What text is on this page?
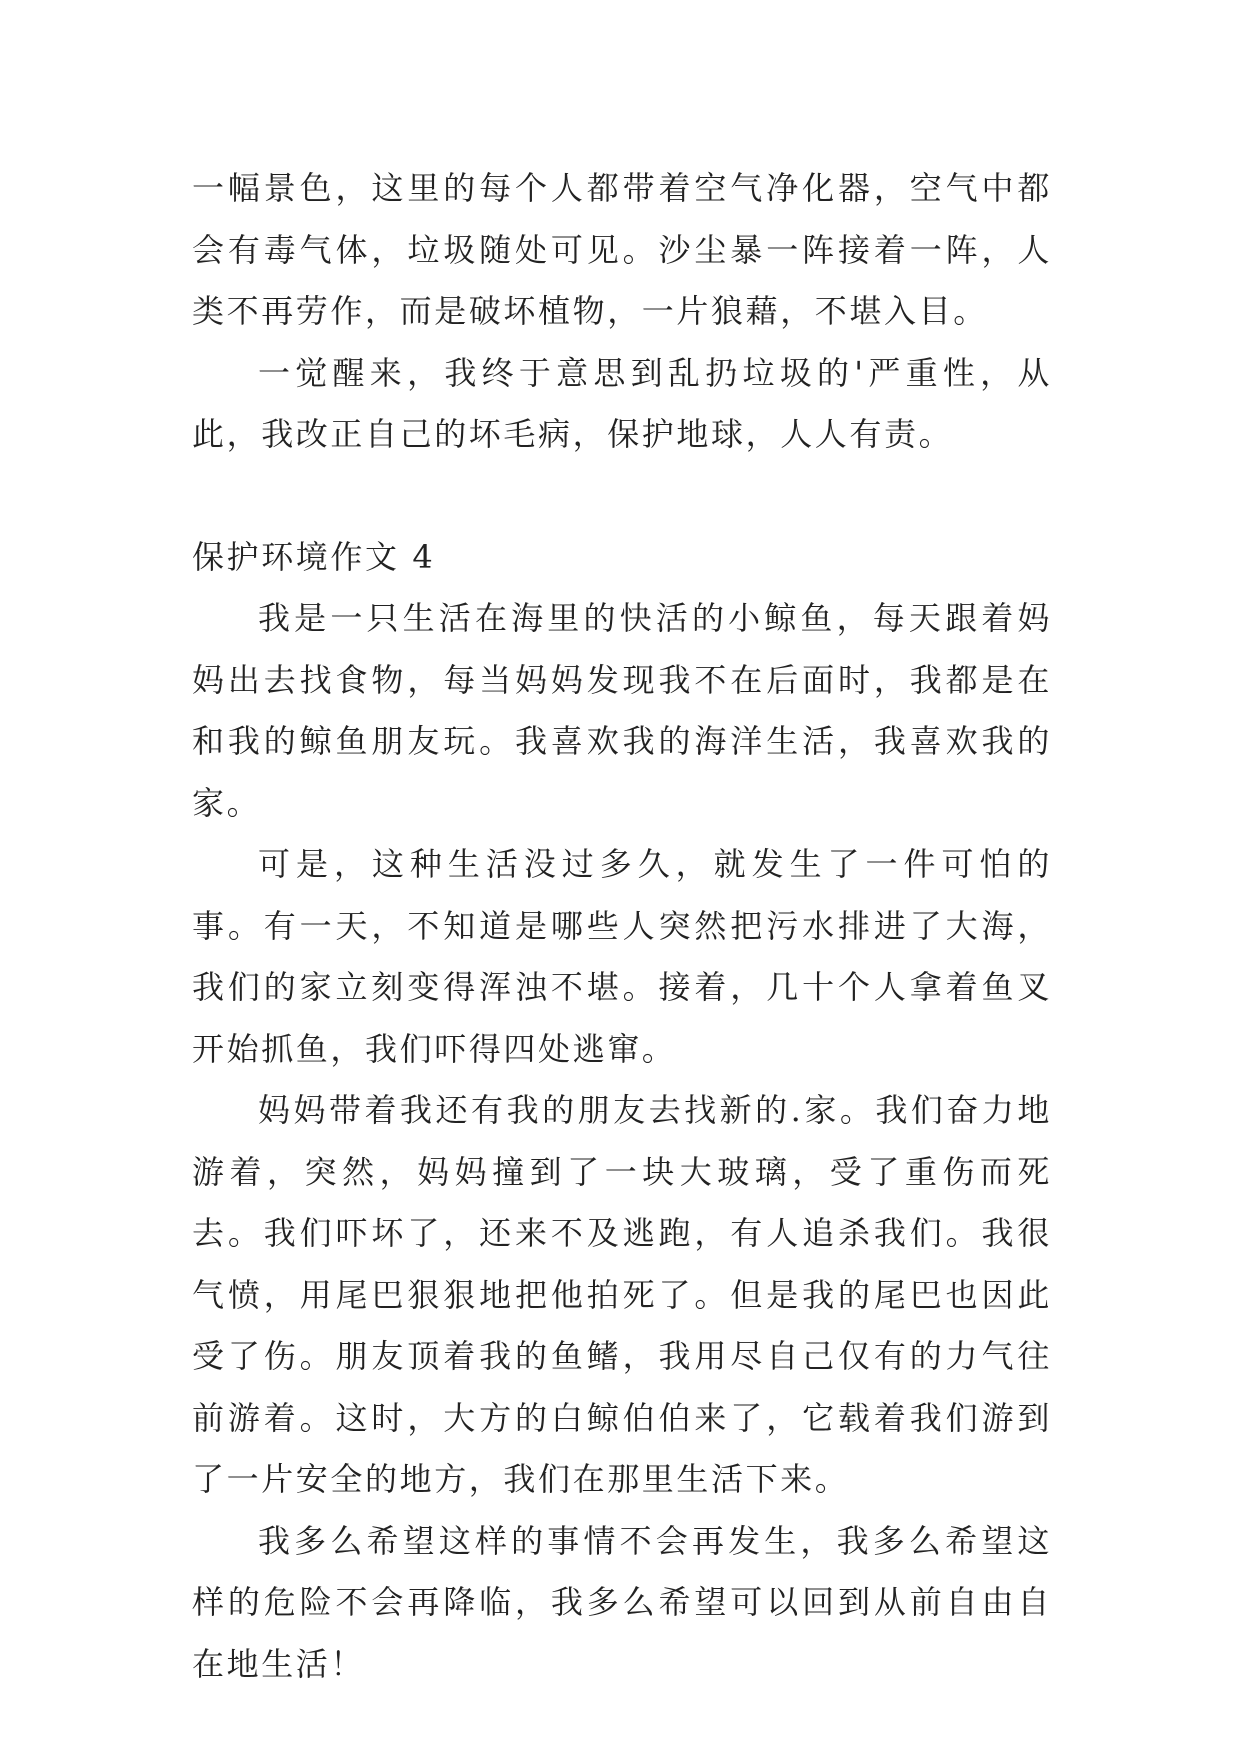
一幅景色，这里的每个人都带着空气净化器，空气中都会有毒气体，垃圾随处可见。沙尘暴一阵接着一阵，人类不再劳作，而是破坏植物，一片狼藉，不堪入目。

一觉醒来，我终于意思到乱扔垃圾的'严重性，从此，我改正自己的坏毛病，保护地球，人人有责。

保护环境作文 4

我是一只生活在海里的快活的小鲸鱼，每天跟着妈妈出去找食物，每当妈妈发现我不在后面时，我都是在和我的鲸鱼朋友玩。我喜欢我的海洋生活，我喜欢我的家。

可是，这种生活没过多久，就发生了一件可怕的事。有一天，不知道是哪些人突然把污水排进了大海，我们的家立刻变得浑浊不堪。接着，几十个人拿着鱼叉开始抓鱼，我们吓得四处逃窜。

妈妈带着我还有我的朋友去找新的.家。我们奋力地游着，突然，妈妈撞到了一块大玻璃，受了重伤而死去。我们吓坏了，还来不及逃跑，有人追杀我们。我很气愤，用尾巴狠狠地把他拍死了。但是我的尾巴也因此受了伤。朋友顶着我的鱼鳍，我用尽自己仅有的力气往前游着。这时，大方的白鲸伯伯来了，它载着我们游到了一片安全的地方，我们在那里生活下来。

我多么希望这样的事情不会再发生，我多么希望这样的危险不会再降临，我多么希望可以回到从前自由自在地生活！
